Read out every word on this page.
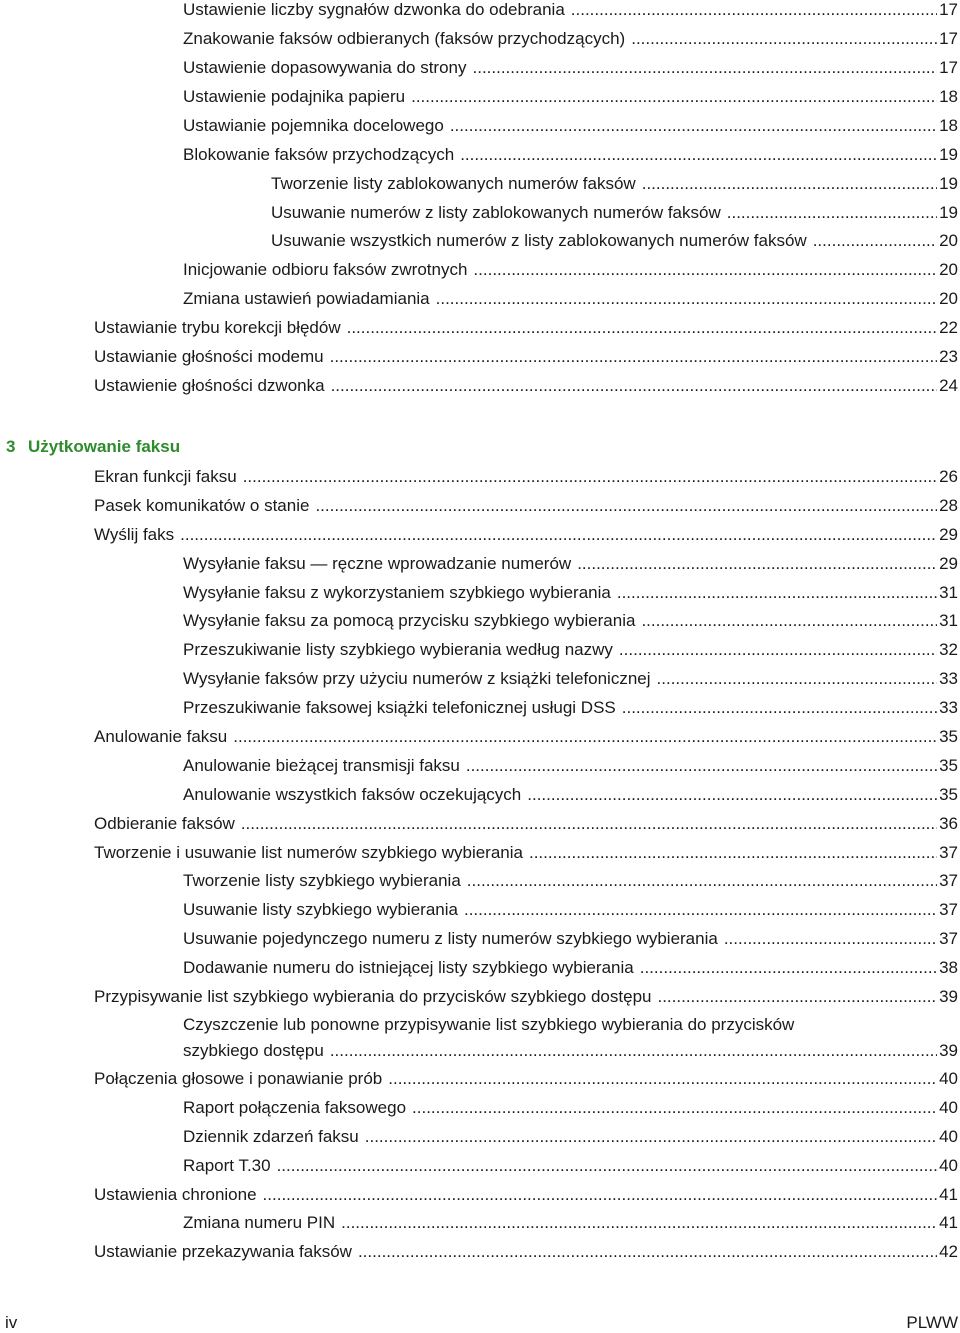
Ustawienie liczby sygnałów dzwonka do odebrania .....	17
Znakowanie faksów odbieranych (faksów przychodzących) .....	17
Ustawienie dopasowywania do strony .....	17
Ustawienie podajnika papieru .....	18
Ustawianie pojemnika docelowego .....	18
Blokowanie faksów przychodzących .....	19
Tworzenie listy zablokowanych numerów faksów .....	19
Usuwanie numerów z listy zablokowanych numerów faksów .....	19
Usuwanie wszystkich numerów z listy zablokowanych numerów faksów .....	20
Inicjowanie odbioru faksów zwrotnych .....	20
Zmiana ustawień powiadamiania .....	20
Ustawianie trybu korekcji błędów .....	22
Ustawianie głośności modemu .....	23
Ustawienie głośności dzwonka .....	24
3 Użytkowanie faksu
Ekran funkcji faksu .....	26
Pasek komunikatów o stanie .....	28
Wyślij faks .....	29
Wysyłanie faksu — ręczne wprowadzanie numerów .....	29
Wysyłanie faksu z wykorzystaniem szybkiego wybierania .....	31
Wysyłanie faksu za pomocą przycisku szybkiego wybierania .....	31
Przeszukiwanie listy szybkiego wybierania według nazwy .....	32
Wysyłanie faksów przy użyciu numerów z książki telefonicznej .....	33
Przeszukiwanie faksowej książki telefonicznej usługi DSS .....	33
Anulowanie faksu .....	35
Anulowanie bieżącej transmisji faksu .....	35
Anulowanie wszystkich faksów oczekujących .....	35
Odbieranie faksów .....	36
Tworzenie i usuwanie list numerów szybkiego wybierania .....	37
Tworzenie listy szybkiego wybierania .....	37
Usuwanie listy szybkiego wybierania .....	37
Usuwanie pojedynczego numeru z listy numerów szybkiego wybierania .....	37
Dodawanie numeru do istniejącej listy szybkiego wybierania .....	38
Przypisywanie list szybkiego wybierania do przycisków szybkiego dostępu .....	39
Czyszczenie lub ponowne przypisywanie list szybkiego wybierania do przycisków
szybkiego dostępu .....	39
Połączenia głosowe i ponawianie prób .....	40
Raport połączenia faksowego .....	40
Dziennik zdarzeń faksu .....	40
Raport T.30 .....	40
Ustawienia chronione .....	41
Zmiana numeru PIN .....	41
Ustawianie przekazywania faksów .....	42
iv	PLWW
